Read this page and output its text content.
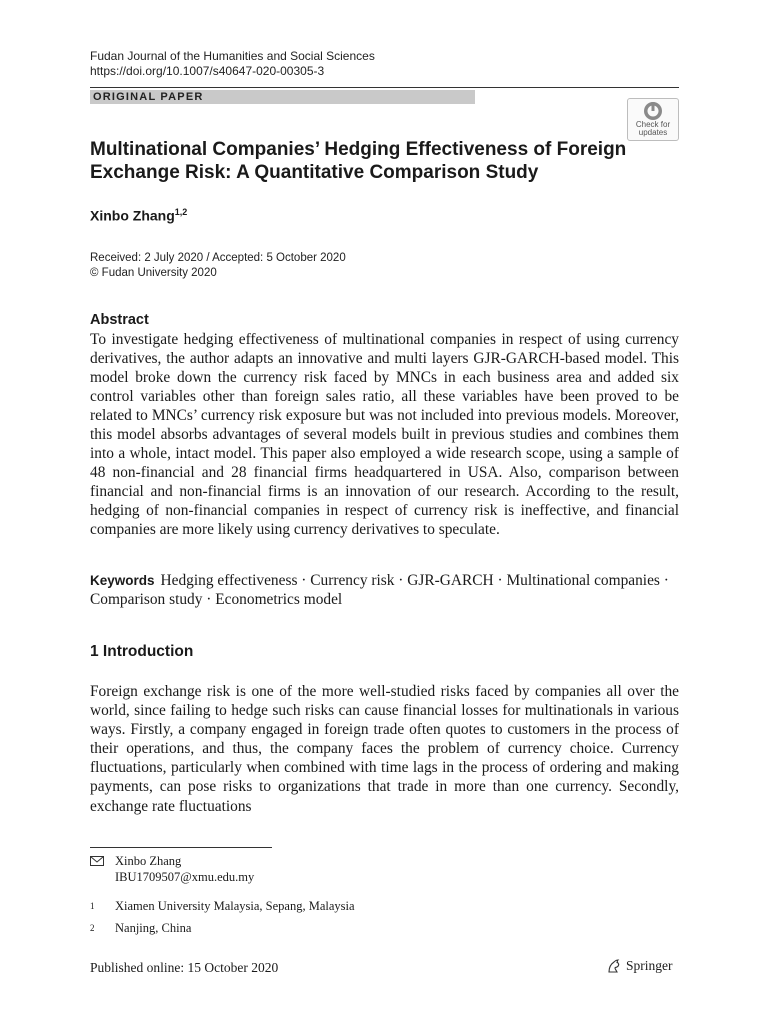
Fudan Journal of the Humanities and Social Sciences
https://doi.org/10.1007/s40647-020-00305-3
ORIGINAL PAPER
Check for
updates
Multinational Companies’ Hedging Effectiveness of Foreign
Exchange Risk: A Quantitative Comparison Study
Xinbo Zhang$^{1,2}$
Received: 2 July 2020 / Accepted: 5 October 2020
© Fudan University 2020
Abstract
To investigate hedging effectiveness of multinational companies in respect of using currency derivatives, the author adapts an innovative and multi layers GJR-GARCH-based model. This model broke down the currency risk faced by MNCs in each business area and added six control variables other than foreign sales ratio, all these variables have been proved to be related to MNCs’ currency risk exposure but was not included into previous models. Moreover, this model absorbs advantages of several models built in previous studies and combines them into a whole, intact model. This paper also employed a wide research scope, using a sample of 48 non-financial and 28 financial firms headquartered in USA. Also, comparison between financial and non-financial firms is an innovation of our research. According to the result, hedging of non-financial companies in respect of currency risk is ineffective, and financial companies are more likely using currency derivatives to speculate.
Keywords Hedging effectiveness · Currency risk · GJR-GARCH · Multinational companies · Comparison study · Econometrics model
1 Introduction
Foreign exchange risk is one of the more well-studied risks faced by companies all over the world, since failing to hedge such risks can cause financial losses for multinationals in various ways. Firstly, a company engaged in foreign trade often quotes to customers in the process of their operations, and thus, the company faces the problem of currency choice. Currency fluctuations, particularly when combined with time lags in the process of ordering and making payments, can pose risks to organizations that trade in more than one currency. Secondly, exchange rate fluctuations
Xinbo Zhang
IBU1709507@xmu.edu.my
1 Xiamen University Malaysia, Sepang, Malaysia
2 Nanjing, China
Published online: 15 October 2020	Springer
